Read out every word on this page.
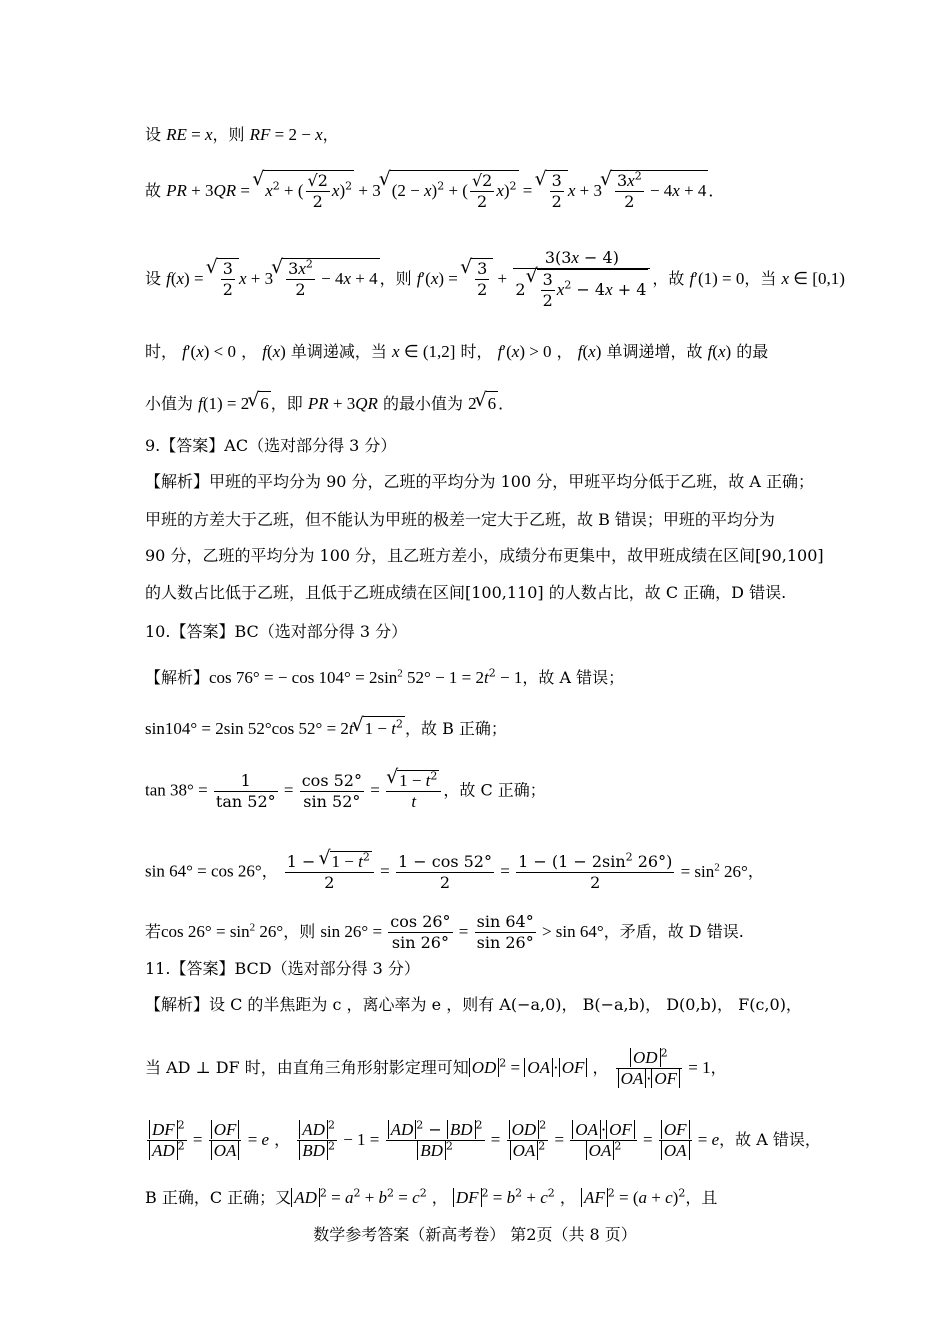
设 RE = x，则 RF = 2 − x，
故 PR + 3QR = √ $x^2$ + ( $\frac{√2}{2} x)^2 + 3√$ $(2 - x)^2$ + ( $\frac{√2}{2} x)^2$ =
√ $\frac{3}{2}$ x + 3
√ $\frac{3x^2}{2} - 4x + 4$ ．
设 f(x) =
√ $\frac{3}{2}$ x + 3
√ $\frac{3x^2}{2} - 4x + 4$ ，则 f′(x) =
√ $\frac{3}{2} + 3(3x - 4)$
2
√ $\frac{3}{2} x^2 - 4x + 4$ ，故 f′(1) = 0，当 x ∈ [0,1)
时， f′(x) < 0 ， f(x) 单调递减，当 x ∈ (1,2] 时， f′(x) > 0 ， f(x) 单调递增，故 f(x) 的最
小值为 f(1) = 2√ 6 ，即 PR + 3QR 的最小值为 2√ 6 ．
9.【答案】AC（选对部分得 3 分）
【解析】甲班的平均分为 90 分，乙班的平均分为 100 分，甲班平均分低于乙班，故 A 正确；
甲班的方差大于乙班，但不能认为甲班的极差一定大于乙班，故 B 错误；甲班的平均分为
90 分，乙班的平均分为 100 分，且乙班方差小，成绩分布更集中，故甲班成绩在区间[90,100]
的人数占比低于乙班，且低于乙班成绩在区间[100,110] 的人数占比，故 C 正确，D 错误.
10.【答案】BC（选对部分得 3 分）
【解析】cos 76° = − $\cos 104^\circ = 2\sin^2$ $52^\circ - 1 = 2t^2 - 1$，故 A 错误；
sin104° = 2sin 52°cos 52° = 2t√ $1 - t^2$ ，故 B 正确；
$\tan 38^\circ = \frac{1}{\tan 52^\circ} = \frac{\cos 52^\circ}{\sin 52^\circ}$ =
√ $\frac{1 - t^2}{t}$ ，故 C 正确；
sin 64° = cos 26°， $\frac{1 - √ 1 - t^2}{2} = \frac{1 - \cos 52^\circ}{2} = \frac{1 - (1 - 2\sin^2 26^\circ)}{2} = \sin^2 26^\circ$，
若$\cos 26^\circ = \sin^2 26^\circ$，则 $\sin 26^\circ = \frac{\cos 26^\circ}{\sin 26^\circ} = \frac{\sin 64^\circ}{\sin 26^\circ} > \sin 64^\circ$，矛盾，故 D 错误.
11.【答案】BCD（选对部分得 3 分）
【解析】设 C 的半焦距为 c ，离心率为 e ，则有 A(−a,0)， B(−a,b)， D(0,b)， F(c,0)，
当 AD ⊥ DF 时，由直角三角形射影定理可知 OD $^2$ = OA · OF ， $\frac{OD ^2}{OA \cdot OF} = 1$，
$\frac{DF ^2}{AD ^2} = \frac{OF}{OA} = e$ ， $\frac{AD ^2}{BD ^2} - 1 = \frac{AD ^2 - BD ^2}{BD ^2} = \frac{OD ^2}{OA ^2} = \frac{OA \cdot OF}{OA ^2} = \frac{OF}{OA} = e$，故 A 错误，
B 正确，C 正确；又 AD $^2 = a^2 + b^2 = c^2$ ， DF $^2 = b^2 + c^2$ ， AF $^2 = (a + c)^2$，且
数学参考答案（新高考卷） 第2页（共 8 页）
